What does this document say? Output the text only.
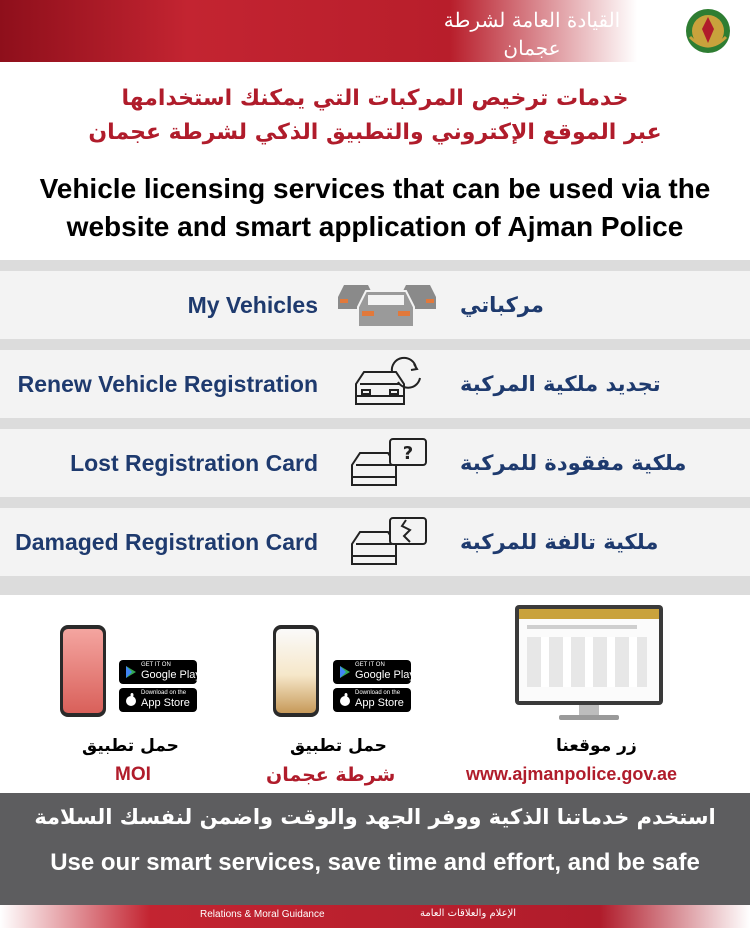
القيادة العامة لشرطة عجمان
Ajman Police General Headquarter
خدمات ترخيص المركبات التي يمكنك استخدامها
عبر الموقع الإكتروني والتطبيق الذكي لشرطة عجمان
Vehicle licensing services that can be used via the
website and smart application of Ajman Police
My Vehicles	مركباتي
Renew Vehicle Registration	تجديد ملكية المركبة
Lost Registration Card	? ملكية مفقودة للمركبة
Damaged Registration Card	ملكية تالفة للمركبة
GET IT ON
Google Play
Download on the
App Store
حمل تطبيق
MOI
GET IT ON
Google Play
Download on the
App Store
حمل تطبيق
شرطة عجمان
زر موقعنا
www.ajmanpolice.gov.ae
استخدم خدماتنا الذكية ووفر الجهد والوقت واضمن لنفسك السلامة
Use our smart services, save time and effort, and be safe
Relations & Moral Guidance	الإعلام والعلاقات العامة
